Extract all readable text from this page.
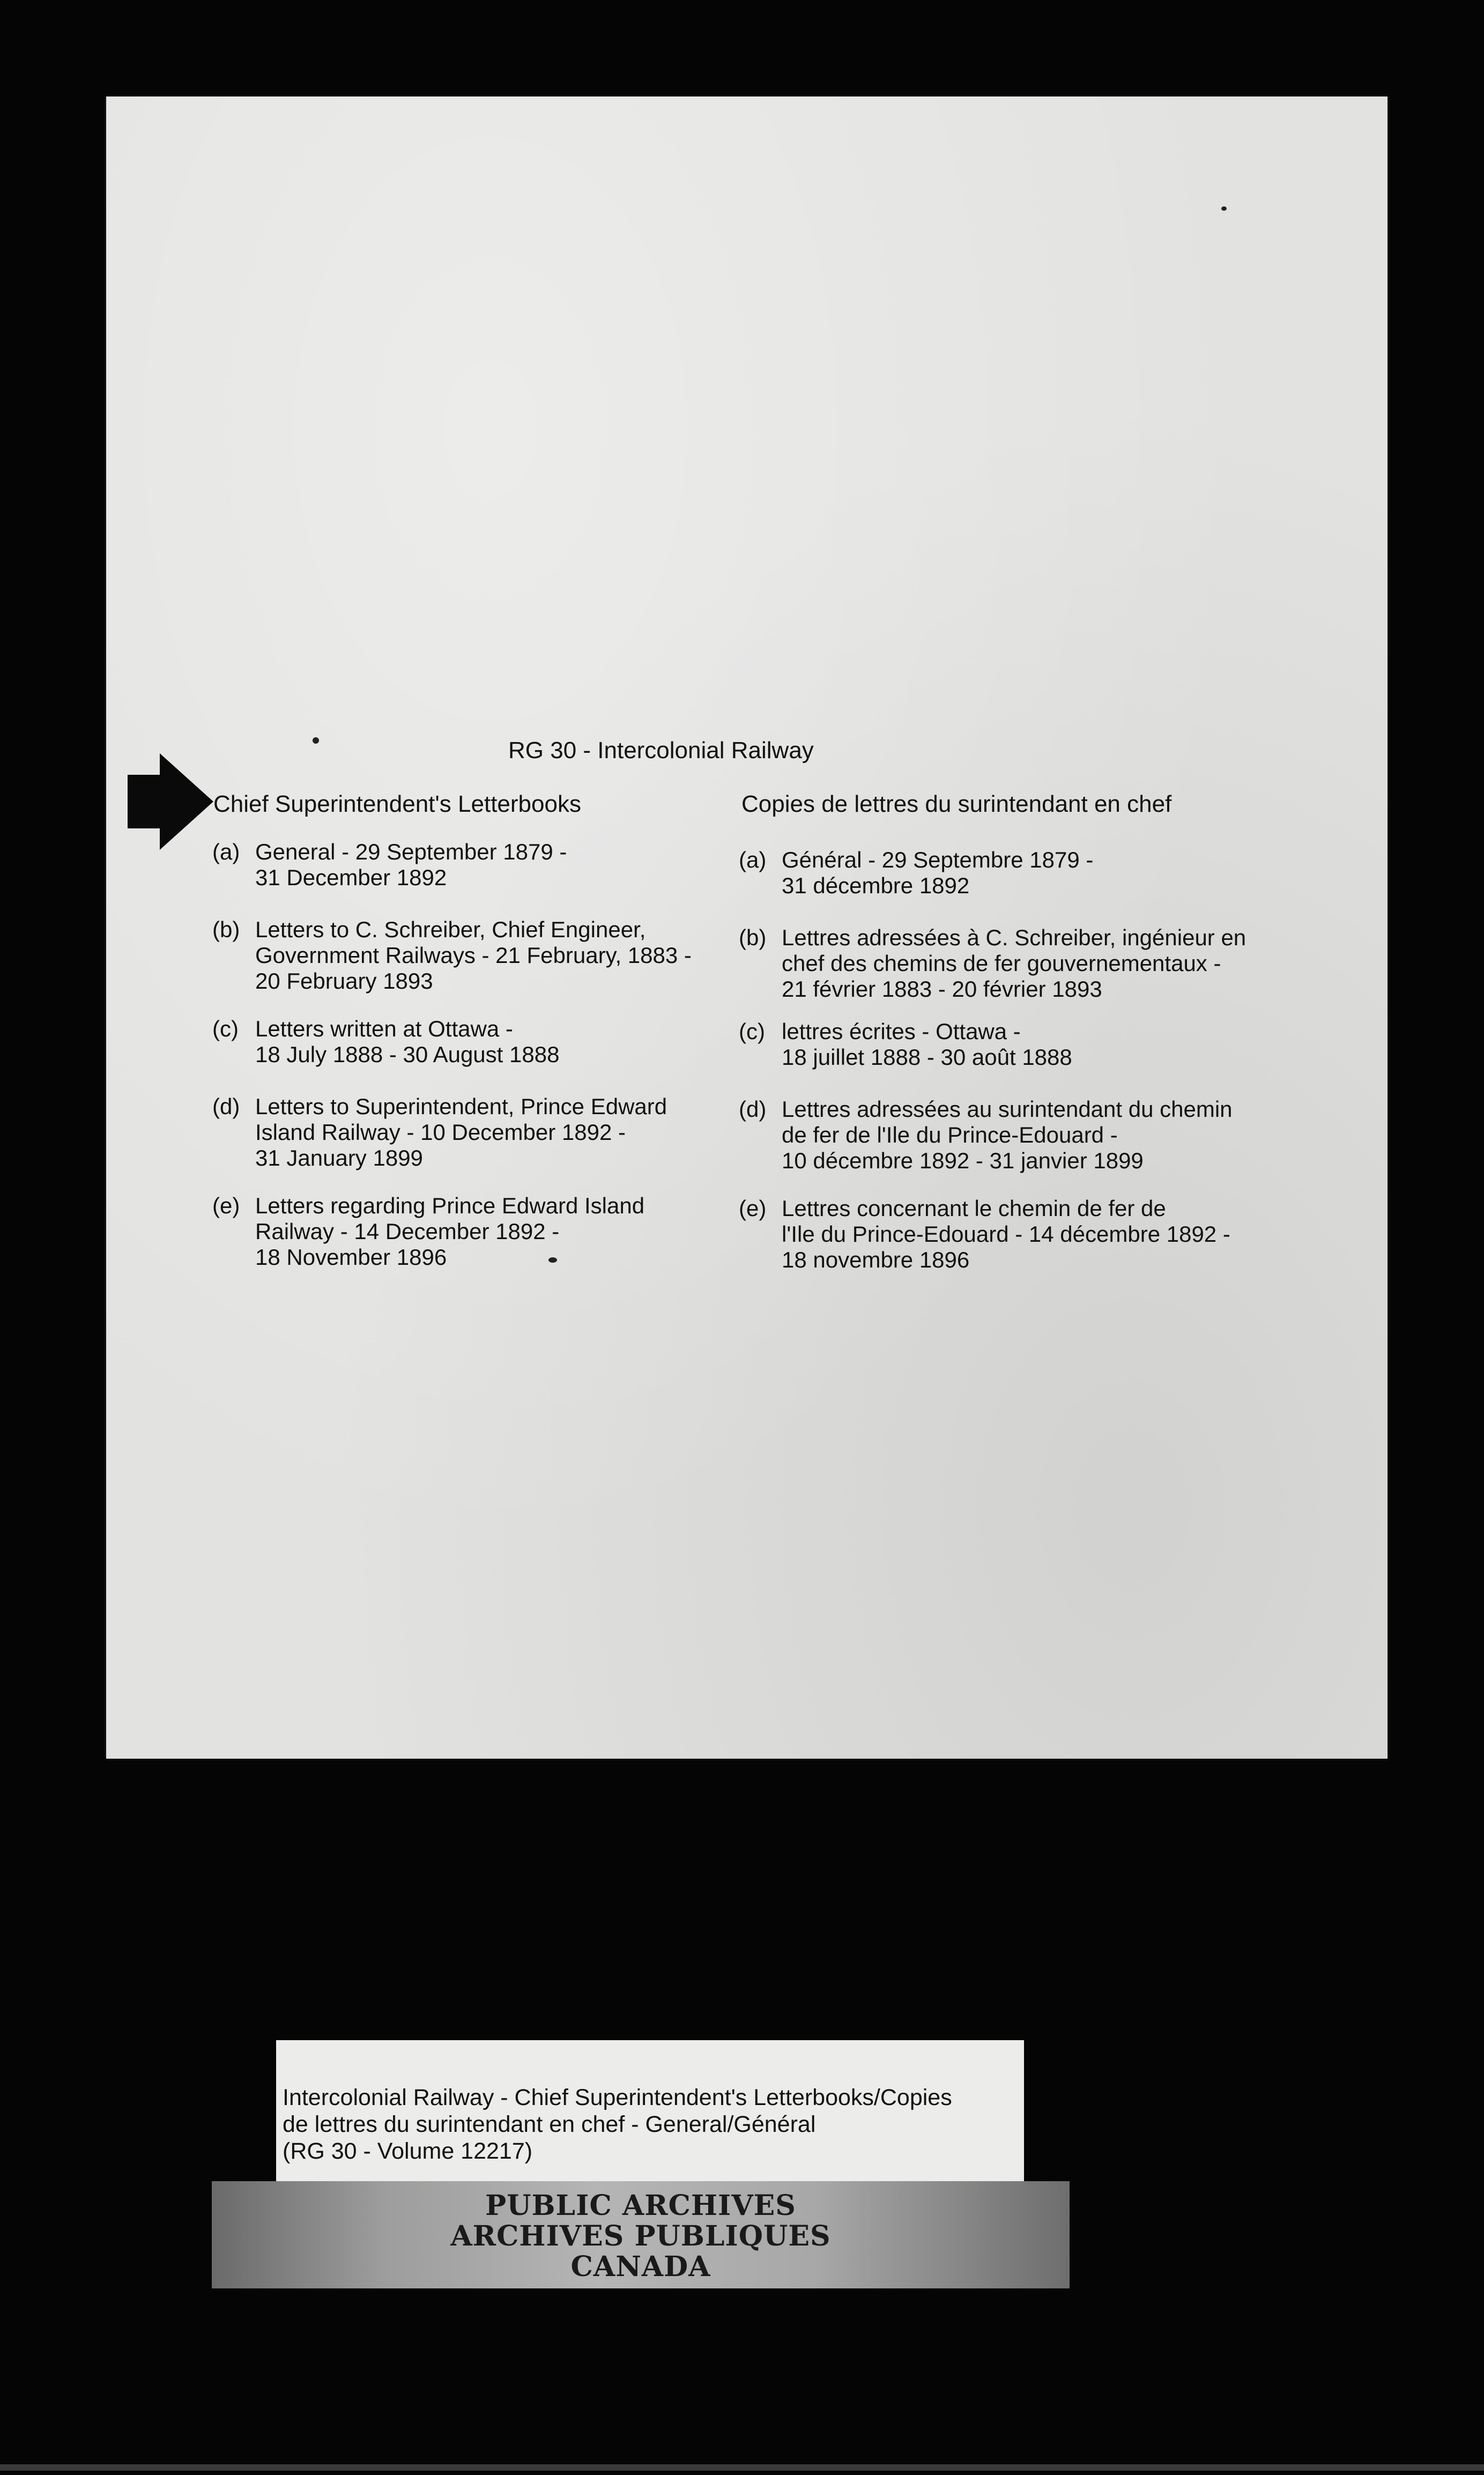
RG 30 - Intercolonial Railway
Chief Superintendent's Letterbooks	Copies de lettres du surintendant en chef
(a) General - 29 September 1879 -
31 December 1892
(b) Letters to C. Schreiber, Chief Engineer,
Government Railways - 21 February, 1883 -
20 February 1893
(c) Letters written at Ottawa -
18 July 1888 - 30 August 1888
(d) Letters to Superintendent, Prince Edward
Island Railway - 10 December 1892 -
31 January 1899
(e) Letters regarding Prince Edward Island
Railway - 14 December 1892 -
18 November 1896
(a) Général - 29 Septembre 1879 -
31 décembre 1892
(b) Lettres adressées à C. Schreiber, ingénieur en
chef des chemins de fer gouvernementaux -
21 février 1883 - 20 février 1893
(c) lettres écrites - Ottawa -
18 juillet 1888 - 30 août 1888
(d) Lettres adressées au surintendant du chemin
de fer de l'Ile du Prince-Edouard -
10 décembre 1892 - 31 janvier 1899
(e) Lettres concernant le chemin de fer de
l'Ile du Prince-Edouard - 14 décembre 1892 -
18 novembre 1896
Intercolonial Railway - Chief Superintendent's Letterbooks/Copies
de lettres du surintendant en chef - General/Général
(RG 30 - Volume 12217)
PUBLIC ARCHIVES
ARCHIVES PUBLIQUES
CANADA
